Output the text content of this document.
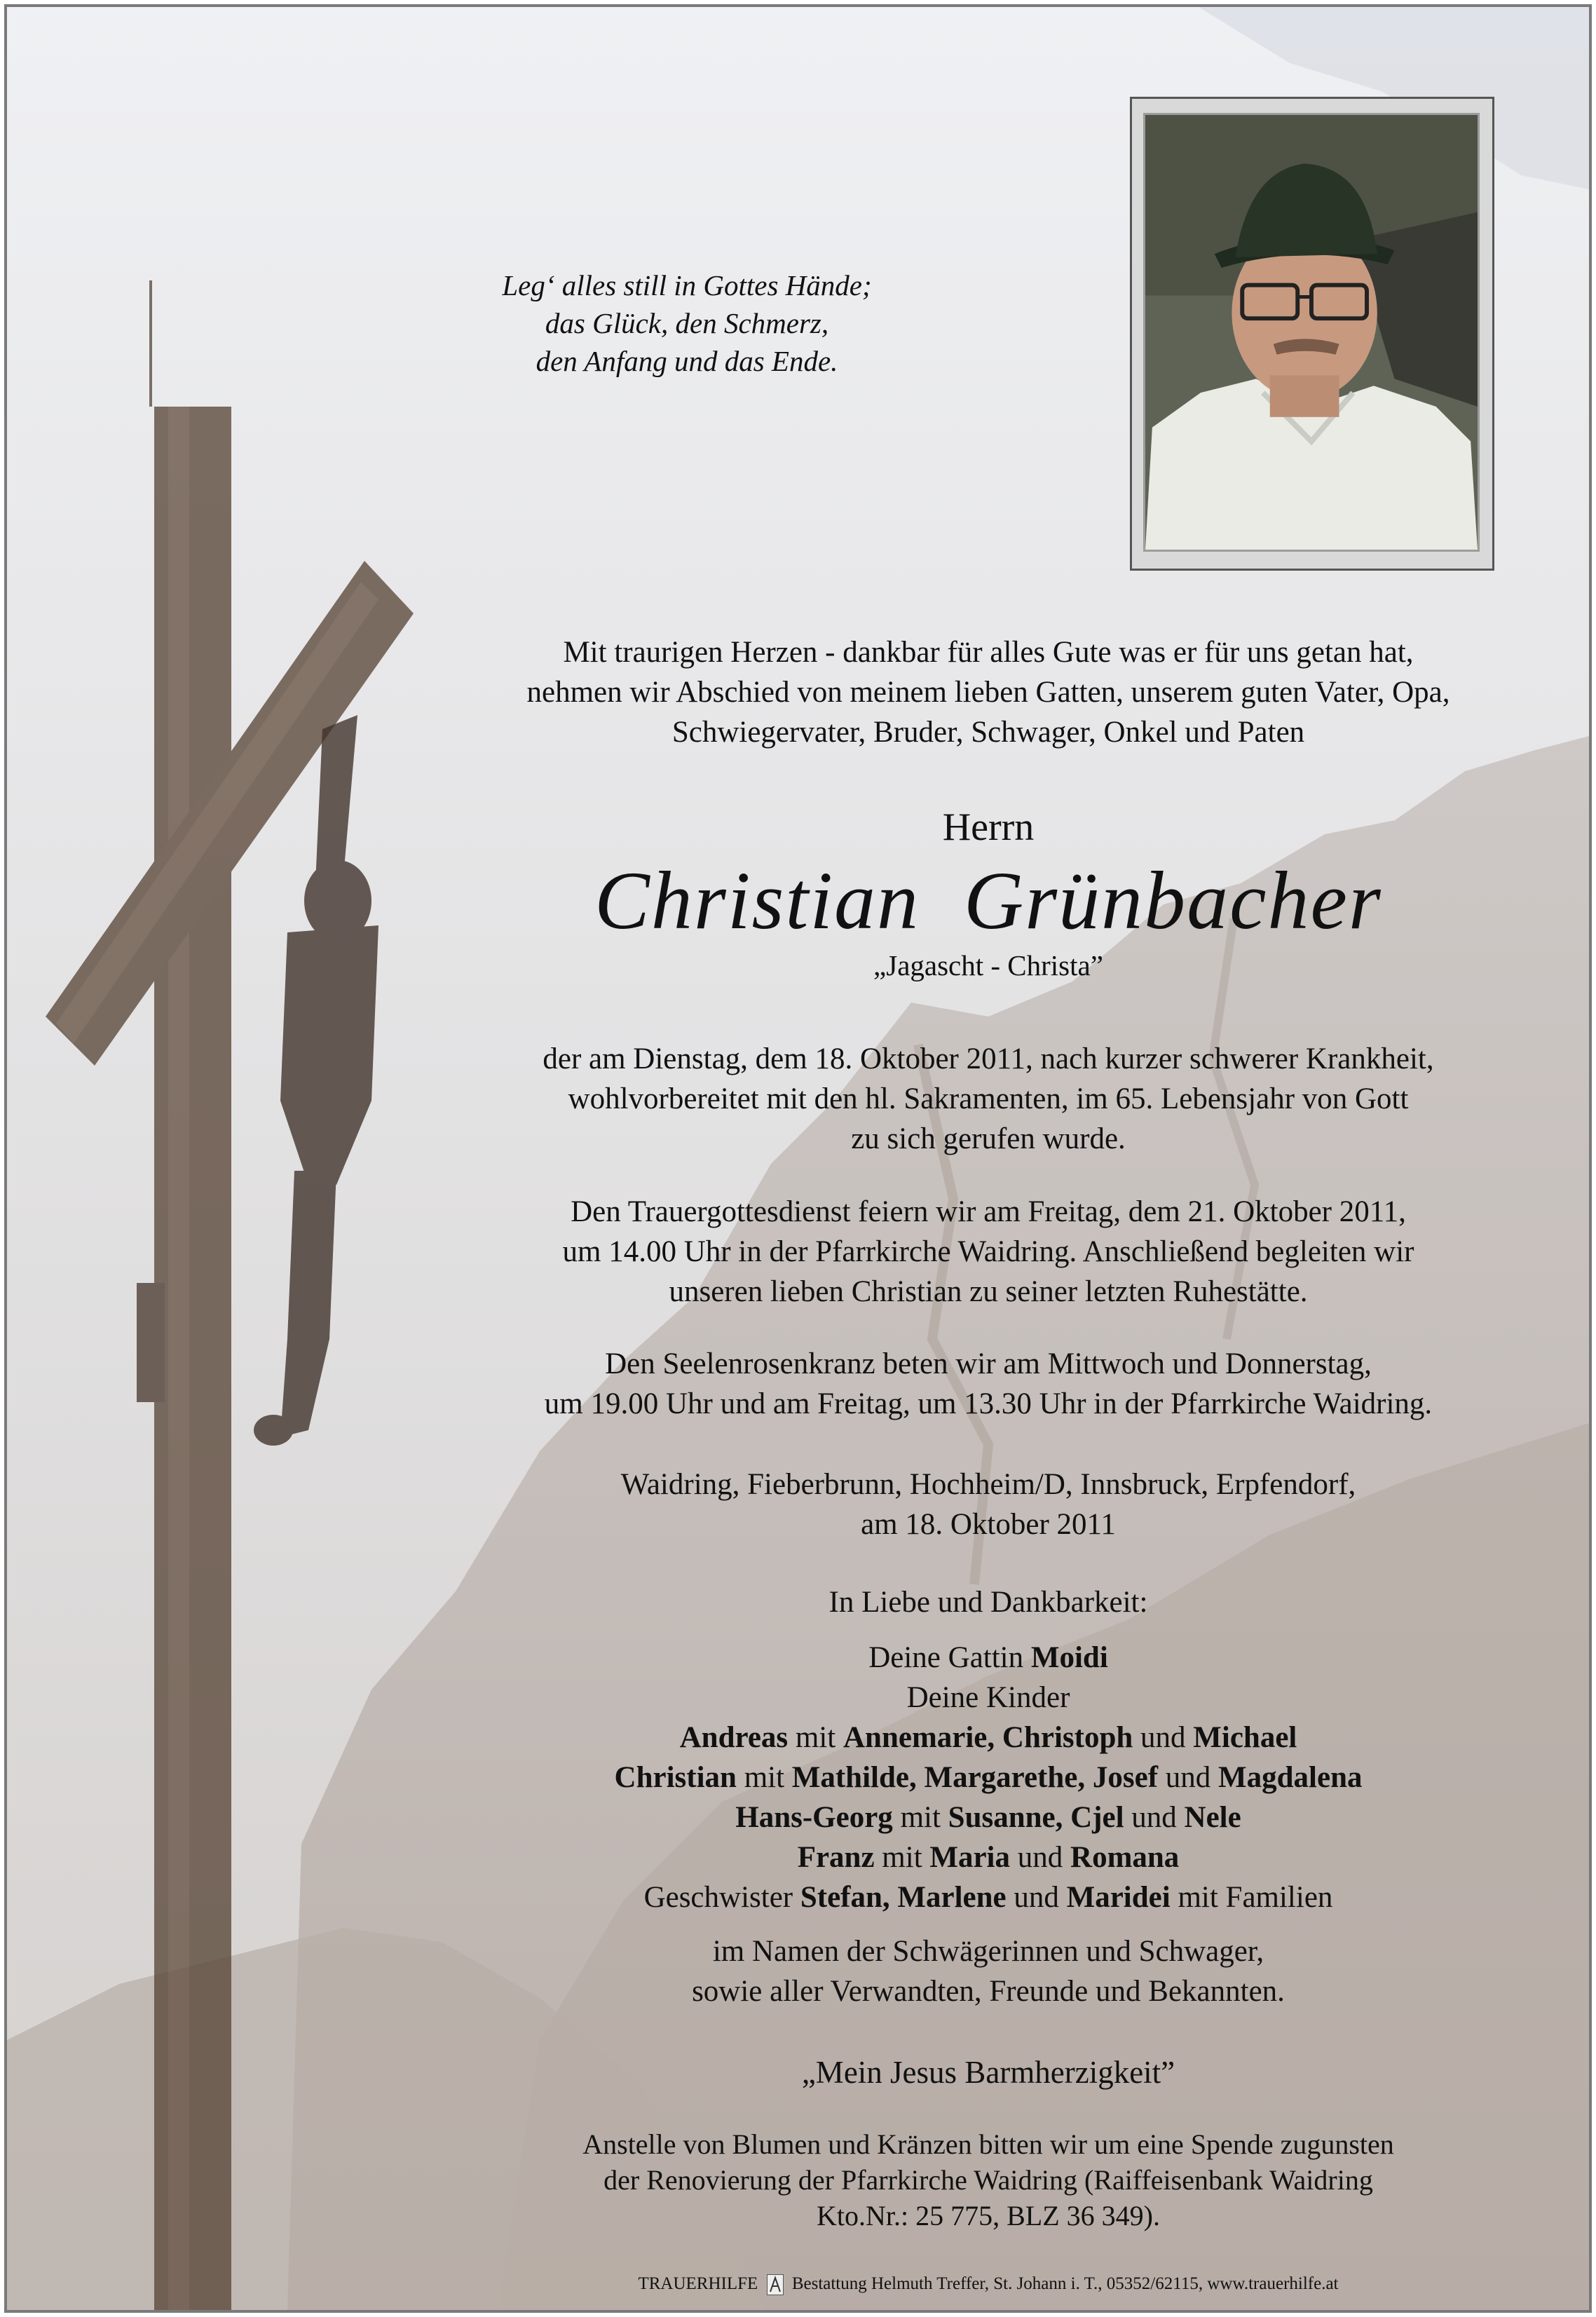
Leg‘ alles still in Gottes Hände;
das Glück, den Schmerz,
den Anfang und das Ende.
Mit traurigen Herzen - dankbar für alles Gute was er für uns getan hat,
nehmen wir Abschied von meinem lieben Gatten, unserem guten Vater, Opa,
Schwiegervater, Bruder, Schwager, Onkel und Paten
Herrn
Christian  Grünbacher
„Jagascht - Christa”
der am Dienstag, dem 18. Oktober 2011, nach kurzer schwerer Krankheit,
wohlvorbereitet mit den hl. Sakramenten, im 65. Lebensjahr von Gott
zu sich gerufen wurde.
Den Trauergottesdienst feiern wir am Freitag, dem 21. Oktober 2011,
um 14.00 Uhr in der Pfarrkirche Waidring. Anschließend begleiten wir
unseren lieben Christian zu seiner letzten Ruhestätte.
Den Seelenrosenkranz beten wir am Mittwoch und Donnerstag,
um 19.00 Uhr und am Freitag, um 13.30 Uhr in der Pfarrkirche Waidring.
Waidring, Fieberbrunn, Hochheim/D, Innsbruck, Erpfendorf,
am 18. Oktober 2011
In Liebe und Dankbarkeit:
Deine Gattin Moidi
Deine Kinder
Andreas mit Annemarie, Christoph und Michael
Christian mit Mathilde, Margarethe, Josef und Magdalena
Hans-Georg mit Susanne, Cjel und Nele
Franz mit Maria und Romana
Geschwister Stefan, Marlene und Maridei mit Familien
im Namen der Schwägerinnen und Schwager,
sowie aller Verwandten, Freunde und Bekannten.
„Mein Jesus Barmherzigkeit”
Anstelle von Blumen und Kränzen bitten wir um eine Spende zugunsten
der Renovierung der Pfarrkirche Waidring (Raiffeisenbank Waidring
Kto.Nr.: 25 775, BLZ 36 349).
TRAUERHILFE Bestattung Helmuth Treffer, St. Johann i. T., 05352/62115, www.trauerhilfe.at
